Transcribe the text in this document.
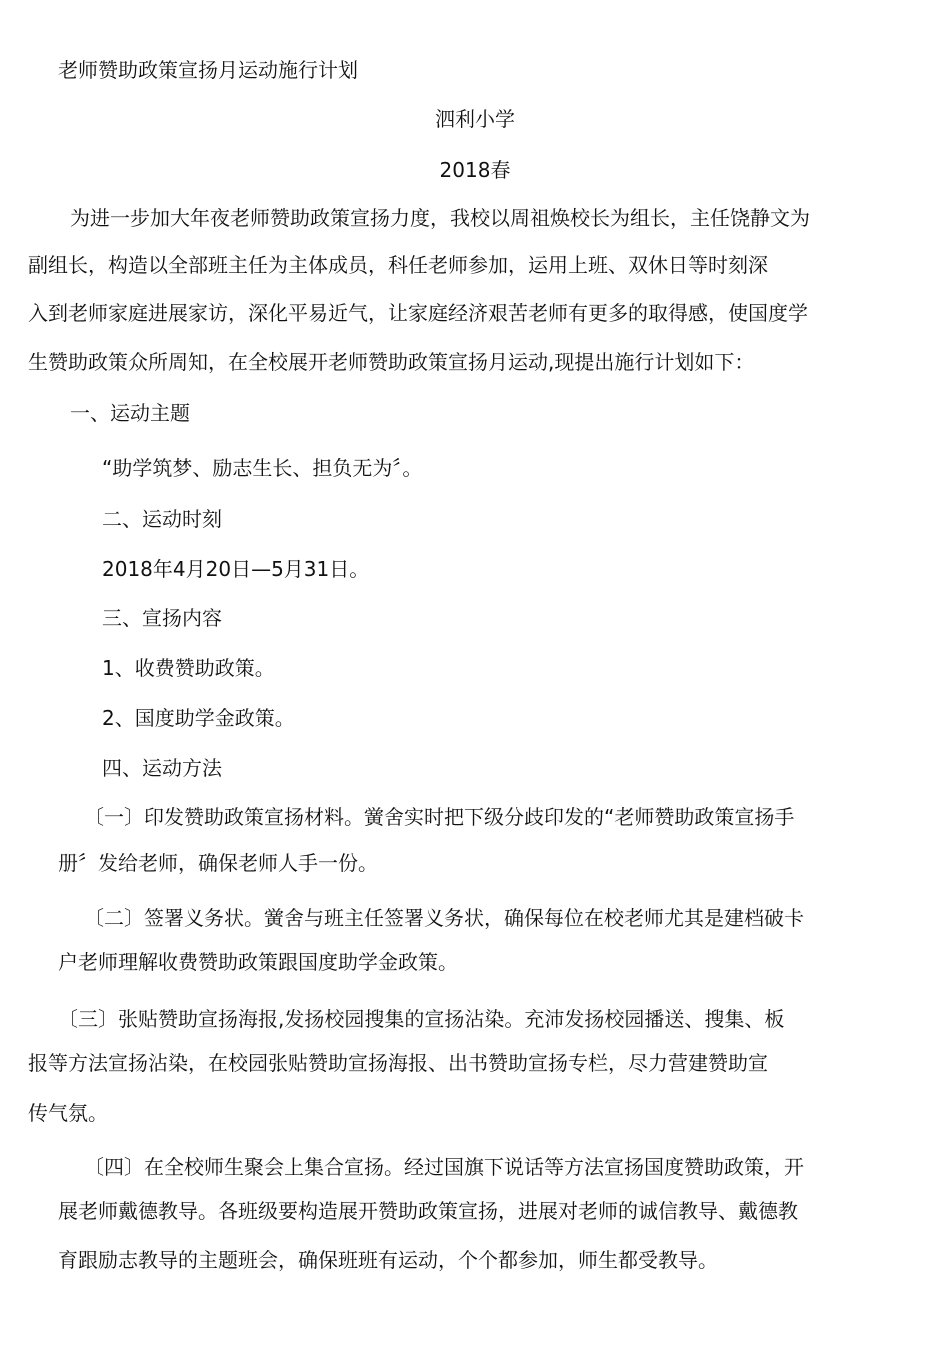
老师赞助政策宣扬月运动施行计划
泗利小学
2018春
为进一步加大年夜老师赞助政策宣扬力度，我校以周祖焕校长为组长，主任饶静文为
副组长，构造以全部班主任为主体成员，科任老师参加，运用上班、双休日等时刻深
入到老师家庭进展家访，深化平易近气，让家庭经济艰苦老师有更多的取得感，使国度学
生赞助政策众所周知，在全校展开老师赞助政策宣扬月运动,现提出施行计划如下：
一、运动主题
“助学筑梦、励志生长、担负无为〞。
二、运动时刻
2018年4月20日—5月31日。
三、宣扬内容
1、收费赞助政策。
2、国度助学金政策。
四、运动方法
〔一〕印发赞助政策宣扬材料。黉舍实时把下级分歧印发的“老师赞助政策宣扬手
册〞发给老师，确保老师人手一份。
〔二〕签署义务状。黉舍与班主任签署义务状，确保每位在校老师尤其是建档破卡
户老师理解收费赞助政策跟国度助学金政策。
〔三〕张贴赞助宣扬海报,发扬校园搜集的宣扬沾染。充沛发扬校园播送、搜集、板
报等方法宣扬沾染，在校园张贴赞助宣扬海报、出书赞助宣扬专栏，尽力营建赞助宣
传气氛。
〔四〕在全校师生聚会上集合宣扬。经过国旗下说话等方法宣扬国度赞助政策，开
展老师戴德教导。各班级要构造展开赞助政策宣扬，进展对老师的诚信教导、戴德教
育跟励志教导的主题班会，确保班班有运动，个个都参加，师生都受教导。
